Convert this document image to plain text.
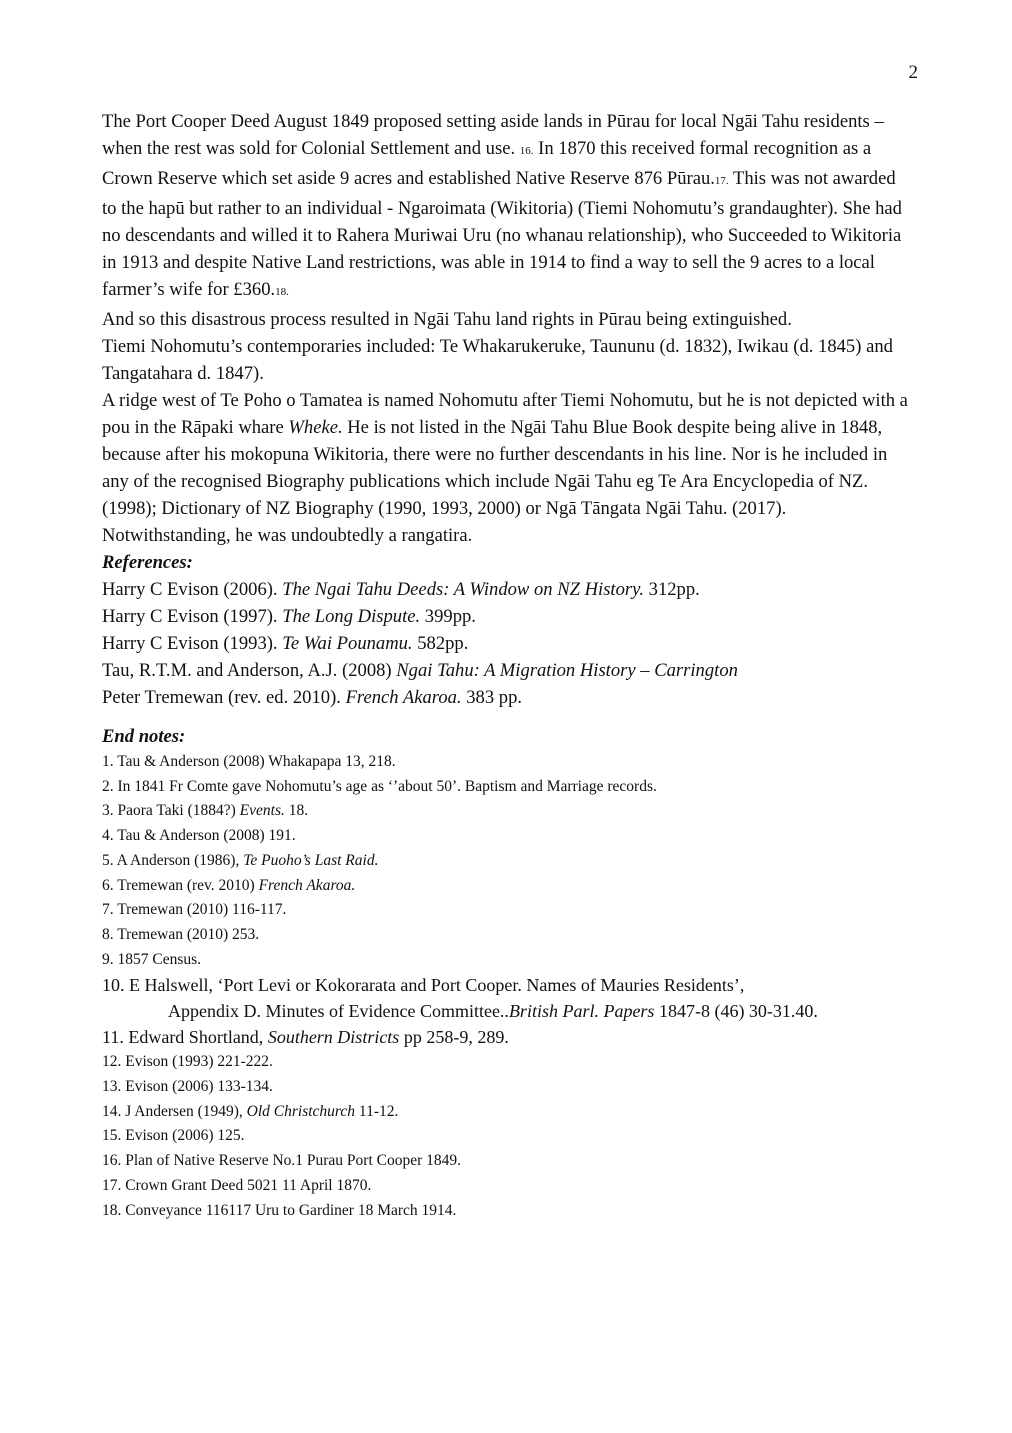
2

The Port Cooper Deed August 1849 proposed setting aside lands in Pūrau for local Ngāi Tahu residents – when the rest was sold for Colonial Settlement and use. 16. In 1870 this received formal recognition as a Crown Reserve which set aside 9 acres and established Native Reserve 876 Pūrau.17. This was not awarded to the hapū but rather to an individual - Ngaroimata (Wikitoria) (Tiemi Nohomutu’s grandaughter). She had no descendants and willed it to Rahera Muriwai Uru (no whanau relationship), who Succeeded to Wikitoria in 1913 and despite Native Land restrictions, was able in 1914 to find a way to sell the 9 acres to a local farmer’s wife for £360.18.

And so this disastrous process resulted in Ngāi Tahu land rights in Pūrau being extinguished.

Tiemi Nohomutu’s contemporaries included: Te Whakarukeruke, Taununu (d. 1832), Iwikau (d. 1845) and Tangatahara d. 1847).

A ridge west of Te Poho o Tamatea is named Nohomutu after Tiemi Nohomutu, but he is not depicted with a pou in the Rāpaki whare Wheke. He is not listed in the Ngāi Tahu Blue Book despite being alive in 1848, because after his mokopuna Wikitoria, there were no further descendants in his line. Nor is he included in any of the recognised Biography publications which include Ngāi Tahu eg Te Ara Encyclopedia of NZ. (1998); Dictionary of NZ Biography (1990, 1993, 2000) or Ngā Tāngata Ngāi Tahu. (2017). Notwithstanding, he was undoubtedly a rangatira.

References:

Harry C Evison (2006). The Ngai Tahu Deeds: A Window on NZ History. 312pp.

Harry C Evison (1997). The Long Dispute. 399pp.

Harry C Evison (1993). Te Wai Pounamu. 582pp.

Tau, R.T.M. and Anderson, A.J. (2008) Ngai Tahu: A Migration History – Carrington

Peter Tremewan (rev. ed. 2010). French Akaroa. 383 pp.

End notes:

1. Tau & Anderson (2008) Whakapapa 13, 218.

2. In 1841 Fr Comte gave Nohomutu’s age as ‘’about 50’. Baptism and Marriage records.

3. Paora Taki (1884?) Events. 18.

4. Tau & Anderson (2008) 191.

5. A Anderson (1986), Te Puoho’s Last Raid.

6. Tremewan (rev. 2010) French Akaroa.

7. Tremewan (2010) 116-117.

8. Tremewan (2010) 253.

9. 1857 Census.

10. E Halswell, ‘Port Levi or Kokorarata and Port Cooper. Names of Mauries Residents’,

Appendix D. Minutes of Evidence Committee..British Parl. Papers 1847-8 (46) 30-31.40.

11. Edward Shortland, Southern Districts pp 258-9, 289.

12. Evison (1993) 221-222.

13. Evison (2006) 133-134.

14. J Andersen (1949), Old Christchurch 11-12.

15. Evison (2006) 125.

16. Plan of Native Reserve No.1 Purau Port Cooper 1849.

17. Crown Grant Deed 5021 11 April 1870.

18. Conveyance 116117 Uru to Gardiner 18 March 1914.
